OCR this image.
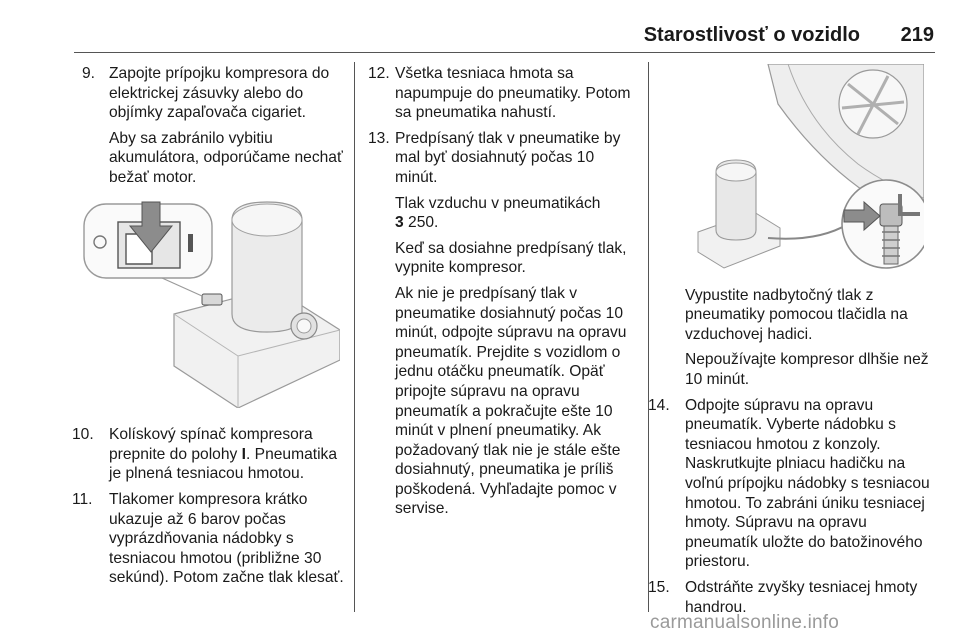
Starostlivosť o vozidlo	219
9. Zapojte prípojku kompresora do elektrickej zásuvky alebo do objímky zapaľovača cigariet.

Aby sa zabránilo vybitiu akumulátora, odporúčame nechať bežať motor.

10. Kolískový spínač kompresora prepnite do polohy I. Pneumatika je plnená tesniacou hmotou.

11. Tlakomer kompresora krátko ukazuje až 6 barov počas vyprázdňovania nádobky s tesniacou hmotou (približne 30 sekúnd). Potom začne tlak klesať.

12. Všetka tesniaca hmota sa napumpuje do pneumatiky. Potom sa pneumatika nahustí.

13. Predpísaný tlak v pneumatike by mal byť dosiahnutý počas 10 minút.

Tlak vzduchu v pneumatikách
3 250.

Keď sa dosiahne predpísaný tlak, vypnite kompresor.

Ak nie je predpísaný tlak v pneumatike dosiahnutý počas 10 minút, odpojte súpravu na opravu pneumatík. Prejdite s vozidlom o jednu otáčku pneumatík. Opäť pripojte súpravu na opravu pneumatík a pokračujte ešte 10 minút v plnení pneumatiky. Ak požadovaný tlak nie je stále ešte dosiahnutý, pneumatika je príliš poškodená. Vyhľadajte pomoc v servise.

Vypustite nadbytočný tlak z pneumatiky pomocou tlačidla na vzduchovej hadici.

Nepoužívajte kompresor dlhšie než 10 minút.

14. Odpojte súpravu na opravu pneumatík. Vyberte nádobku s tesniacou hmotou z konzoly. Naskrutkujte plniacu hadičku na voľnú prípojku nádobky s tesniacou hmotou. To zabráni úniku tesniacej hmoty. Súpravu na opravu pneumatík uložte do batožinového priestoru.

15. Odstráňte zvyšky tesniacej hmoty handrou.

carmanualsonline.info
